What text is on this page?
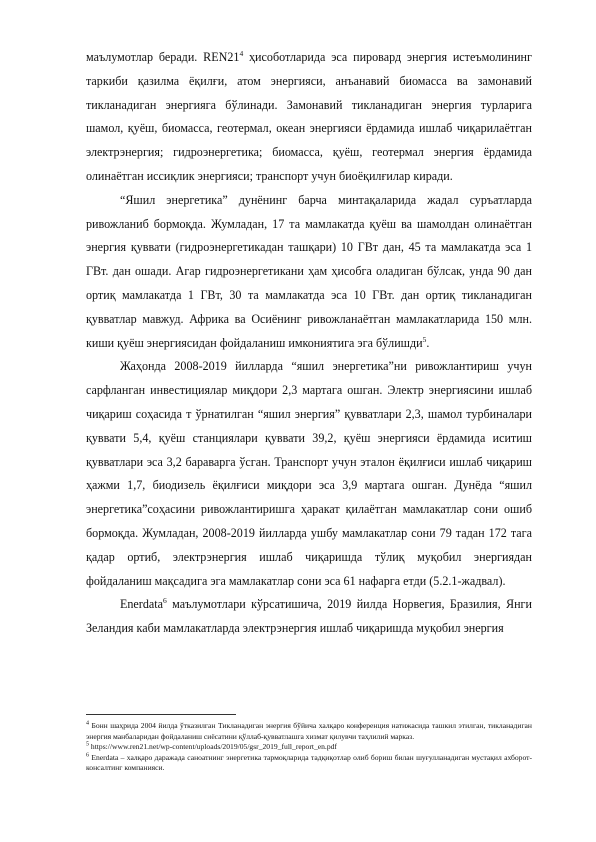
маълумотлар беради. $REN21^4$ ҳисоботларида эса пировард энергия истеъмолининг таркиби қазилма ёқилғи, атом энергияси, анъанавий биомасса ва замонавий тикланадиган энергияга бўлинади. Замонавий тикланадиган энергия турларига шамол, қуёш, биомасса, геотермал, океан энергияси ёрдамида ишлаб чиқарилаётган электрэнергия; гидроэнергетика; биомасса, қуёш, геотермал энергия ёрдамида олинаётган иссиқлик энергияси; транспорт учун биоёқилғилар киради.

“Яшил энергетика” дунёнинг барча минтақаларида жадал суръатларда ривожланиб бормоқда. Жумладан, 17 та мамлакатда қуёш ва шамолдан олинаётган энергия қуввати (гидроэнергетикадан ташқари) 10 ГВт дан, 45 та мамлакатда эса 1 ГВт. дан ошади. Агар гидроэнергетикани ҳам ҳисобга оладиган бўлсак, унда 90 дан ортиқ мамлакатда 1 ГВт, 30 та мамлакатда эса 10 ГВт. дан ортиқ тикланадиган қувватлар мавжуд. Африка ва Осиёнинг ривожланаётган мамлакатларида 150 млн. киши қуёш энергиясидан фойдаланиш имкониятига эга бўлишди$^5$.

Жаҳонда 2008-2019 йилларда “яшил энергетика”ни ривожлантириш учун сарфланган инвестициялар миқдори 2,3 мартага ошган. Электр энергиясини ишлаб чиқариш соҳасида т ўрнатилган “яшил энергия” қувватлари 2,3, шамол турбиналари қуввати 5,4, қуёш станциялари қуввати 39,2, қуёш энергияси ёрдамида иситиш қувватлари эса 3,2 бараварга ўсган. Транспорт учун эталон ёқилғиси ишлаб чиқариш ҳажми 1,7, биодизель ёқилғиси миқдори эса 3,9 мартага ошган. Дунёда “яшил энергетика”соҳасини ривожлантиришга ҳаракат қилаётган мамлакатлар сони ошиб бормоқда. Жумладан, 2008-2019 йилларда ушбу мамлакатлар сони 79 тадан 172 тага қадар ортиб, электрэнергия ишлаб чиқаришда тўлиқ муқобил энергиядан фойдаланиш мақсадига эга мамлакатлар сони эса 61 нафарга етди (5.2.1-жадвал).

Enerdata$^6$ маълумотлари кўрсатишича, 2019 йилда Норвегия, Бразилия, Янги Зеландия каби мамлакатларда электрэнергия ишлаб чиқаришда муқобил энергия

$^4$ Бонн шаҳрида 2004 йилда ўтказилган Тикланадиган энергия бўйича халқаро конференция натижасида ташкил этилган, тикланадиган энергия манбаларидан фойдаланиш сиёсатини қўллаб-қувватлашга хизмат қилувчи таҳлилий марказ.

$^5$ https://www.ren21.net/wp-content/uploads/2019/05/gsr_2019_full_report_en.pdf

$^6$ Enerdata – халқаро даражада саноатнинг энергетика тармоқларида тадқиқотлар олиб бориш билан шуғулланадиган мустақил ахборот-консалтинг компанияси.
